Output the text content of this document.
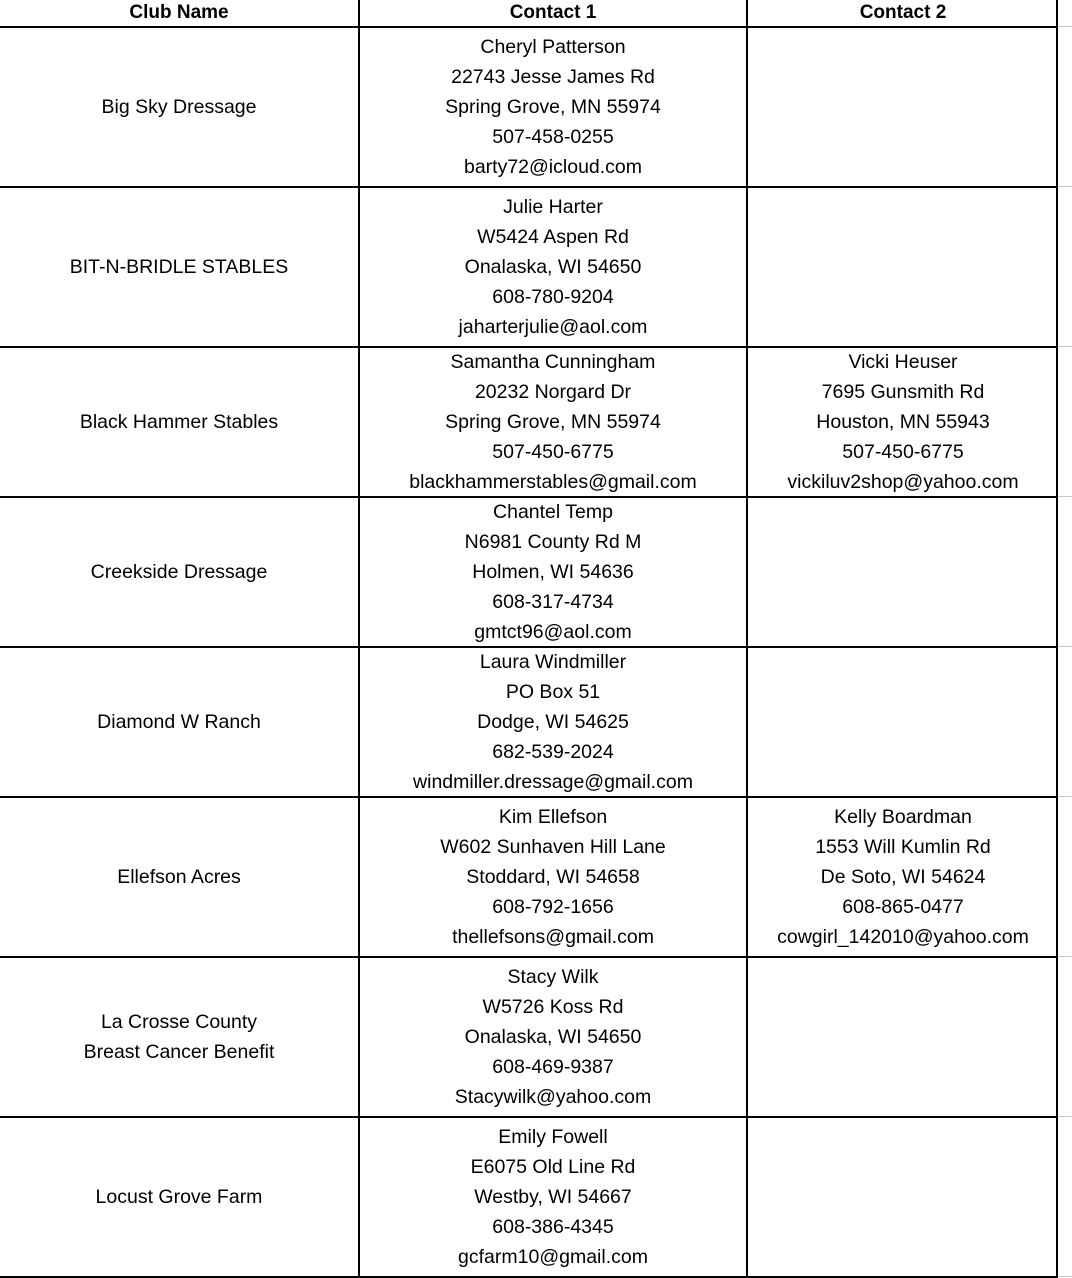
Club Name	Contact 1	Contact 2
Big Sky Dressage
Cheryl Patterson
22743 Jesse James Rd
Spring Grove, MN 55974
507-458-0255
barty72@icloud.com
BIT-N-BRIDLE STABLES
Julie Harter
W5424 Aspen Rd
Onalaska, WI 54650
608-780-9204
jaharterjulie@aol.com
Black Hammer Stables
Samantha Cunningham
20232 Norgard Dr
Spring Grove, MN 55974
507-450-6775
blackhammerstables@gmail.com
Vicki Heuser
7695 Gunsmith Rd
Houston, MN 55943
507-450-6775
vickiluv2shop@yahoo.com
Creekside Dressage
Chantel Temp
N6981 County Rd M
Holmen, WI 54636
608-317-4734
gmtct96@aol.com
Diamond W Ranch
Laura Windmiller
PO Box 51
Dodge, WI 54625
682-539-2024
windmiller.dressage@gmail.com
Ellefson Acres
Kim Ellefson
W602 Sunhaven Hill Lane
Stoddard, WI 54658
608-792-1656
thellefsons@gmail.com
Kelly Boardman
1553 Will Kumlin Rd
De Soto, WI 54624
608-865-0477
cowgirl_142010@yahoo.com
La Crosse County
Breast Cancer Benefit
Stacy Wilk
W5726 Koss Rd
Onalaska, WI 54650
608-469-9387
Stacywilk@yahoo.com
Locust Grove Farm
Emily Fowell
E6075 Old Line Rd
Westby, WI 54667
608-386-4345
gcfarm10@gmail.com
